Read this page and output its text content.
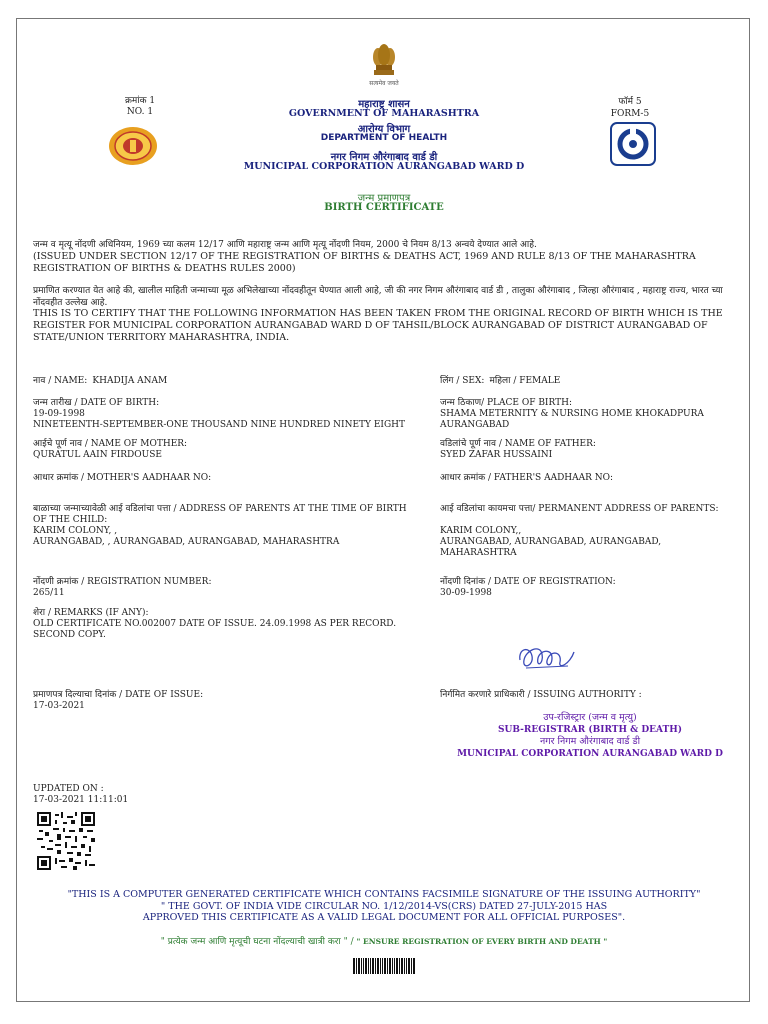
सत्यमेव जयते
क्रमांक 1
NO. 1
महाराष्ट्र शासन
GOVERNMENT OF MAHARASHTRA
आरोग्य विभाग
DEPARTMENT OF HEALTH
नगर निगम औरंगाबाद वार्ड डी
MUNICIPAL CORPORATION AURANGABAD WARD D
फॉर्म 5
FORM-5
जन्म प्रमाणपत्र
BIRTH CERTIFICATE
जन्म व मृत्यू नोंदणी अधिनियम, 1969 च्या कलम 12/17 आणि महाराष्ट्र जन्म आणि मृत्यू नोंदणी नियम, 2000 चे नियम 8/13 अन्वये देण्यात आले आहे.
(ISSUED UNDER SECTION 12/17 OF THE REGISTRATION OF BIRTHS & DEATHS ACT, 1969 AND RULE 8/13 OF THE MAHARASHTRA REGISTRATION OF BIRTHS & DEATHS RULES 2000)
प्रमाणित करण्यात येत आहे की, खालील माहिती जन्माच्या मूळ अभिलेखाच्या नोंदवहीतून घेण्यात आली आहे, जी की नगर निगम औरंगाबाद वार्ड डी , तालुका औरंगाबाद , जिल्हा औरंगाबाद , महाराष्ट्र राज्य, भारत च्या नोंदवहीत उल्लेख आहे.
THIS IS TO CERTIFY THAT THE FOLLOWING INFORMATION HAS BEEN TAKEN FROM THE ORIGINAL RECORD OF BIRTH WHICH IS THE REGISTER FOR MUNICIPAL CORPORATION AURANGABAD WARD D OF TAHSIL/BLOCK AURANGABAD OF DISTRICT AURANGABAD OF STATE/UNION TERRITORY MAHARASHTRA, INDIA.
नाव / NAME: KHADIJA ANAM
जन्म तारीख / DATE OF BIRTH:
19-09-1998
NINETEENTH-SEPTEMBER-ONE THOUSAND NINE HUNDRED NINETY EIGHT
आईचे पूर्ण नाव / NAME OF MOTHER:
QURATUL AAIN FIRDOUSE
आधार क्रमांक / MOTHER'S AADHAAR NO:
बाळाच्या जन्माच्यावेळी आई वडिलांचा पत्ता / ADDRESS OF PARENTS AT THE TIME OF BIRTH OF THE CHILD:
KARIM COLONY, ,
AURANGABAD, , AURANGABAD, AURANGABAD, MAHARASHTRA
नोंदणी क्रमांक / REGISTRATION NUMBER:
265/11
शेरा / REMARKS (IF ANY):
OLD CERTIFICATE NO.002007 DATE OF ISSUE. 24.09.1998 AS PER RECORD. SECOND COPY.
प्रमाणपत्र दिल्याचा दिनांक / DATE OF ISSUE:
17-03-2021
लिंग / SEX: महिला / FEMALE
जन्म ठिकाण/ PLACE OF BIRTH:
SHAMA METERNITY & NURSING HOME KHOKADPURA AURANGABAD
वडिलांचे पूर्ण नाव / NAME OF FATHER:
SYED ZAFAR HUSSAINI
आधार क्रमांक / FATHER'S AADHAAR NO:
आई वडिलांचा कायमचा पत्ता/ PERMANENT ADDRESS OF PARENTS:
KARIM COLONY,,
AURANGABAD, AURANGABAD, AURANGABAD, MAHARASHTRA
नोंदणी दिनांक / DATE OF REGISTRATION:
30-09-1998
निर्गमित करणारे प्राधिकारी / ISSUING AUTHORITY :
उप-रजिस्ट्रार (जन्म व मृत्यु)
SUB-REGISTRAR (BIRTH & DEATH)
नगर निगम औरंगाबाद वार्ड डी
MUNICIPAL CORPORATION AURANGABAD WARD D
UPDATED ON :
17-03-2021 11:11:01
"THIS IS A COMPUTER GENERATED CERTIFICATE WHICH CONTAINS FACSIMILE SIGNATURE OF THE ISSUING AUTHORITY"
" THE GOVT. OF INDIA VIDE CIRCULAR NO. 1/12/2014-VS(CRS) DATED 27-JULY-2015 HAS
APPROVED THIS CERTIFICATE AS A VALID LEGAL DOCUMENT FOR ALL OFFICIAL PURPOSES".
" प्रत्येक जन्म आणि मृत्यूची घटना नोंदल्याची खात्री करा " / " ENSURE REGISTRATION OF EVERY BIRTH AND DEATH "
